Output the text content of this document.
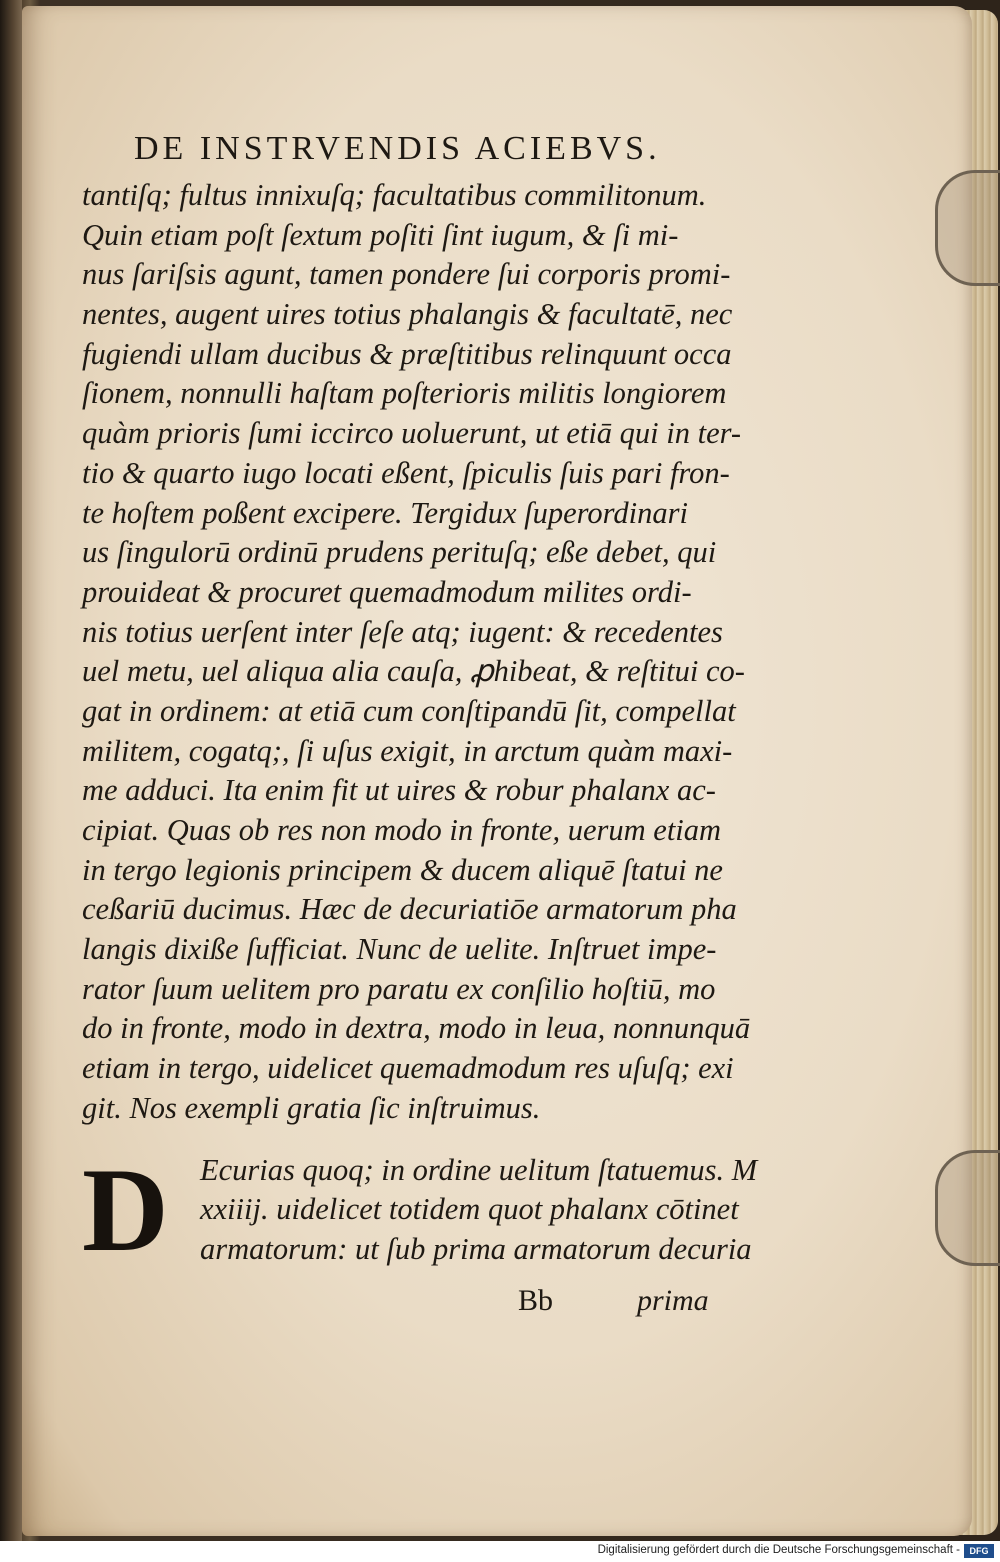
DE INSTRVENDIS ACIEBVS.
tantiſq; fultus innixuſq; facultatibus commilitonum.
Quin etiam poſt ſextum poſiti ſint iugum, & ſi mi-
nus ſariſsis agunt, tamen pondere ſui corporis promi-
nentes, augent uires totius phalangis & facultatē, nec
fugiendi ullam ducibus & præſtitibus relinquunt occa
ſionem, nonnulli haſtam poſterioris militis longiorem
quàm prioris ſumi iccirco uoluerunt, ut etiā qui in ter-
tio & quarto iugo locati eßent, ſpiculis ſuis pari fron-
te hoſtem poßent excipere. Tergidux ſuperordinari
us ſingulorū ordinū prudens perituſq; eße debet, qui
prouideat & procuret quemadmodum milites ordi-
nis totius uerſent inter ſeſe atq; iugent: & recedentes
uel metu, uel aliqua alia cauſa, ꝓhibeat, & reſtitui co-
gat in ordinem: at etiā cum conſtipandū ſit, compellat
militem, cogatq;, ſi uſus exigit, in arctum quàm maxi-
me adduci. Ita enim fit ut uires & robur phalanx ac-
cipiat. Quas ob res non modo in fronte, uerum etiam
in tergo legionis principem & ducem aliquē ſtatui ne
ceßariū ducimus. Hæc de decuriatiōe armatorum pha
langis dixiße ſufficiat. Nunc de uelite. Inſtruet impe-
rator ſuum uelitem pro paratu ex conſilio hoſtiū, mo
do in fronte, modo in dextra, modo in leua, nonnunquā
etiam in tergo, uidelicet quemadmodum res uſuſq; exi
git. Nos exempli gratia ſic inſtruimus.
D	Ecurias quoq; in ordine uelitum ſtatuemus. M
xxiiij. uidelicet totidem quot phalanx cōtinet
armatorum: ut ſub prima armatorum decuria
Bb	prima
Digitalisierung gefördert durch die Deutsche Forschungsgemeinschaft -	DFG
